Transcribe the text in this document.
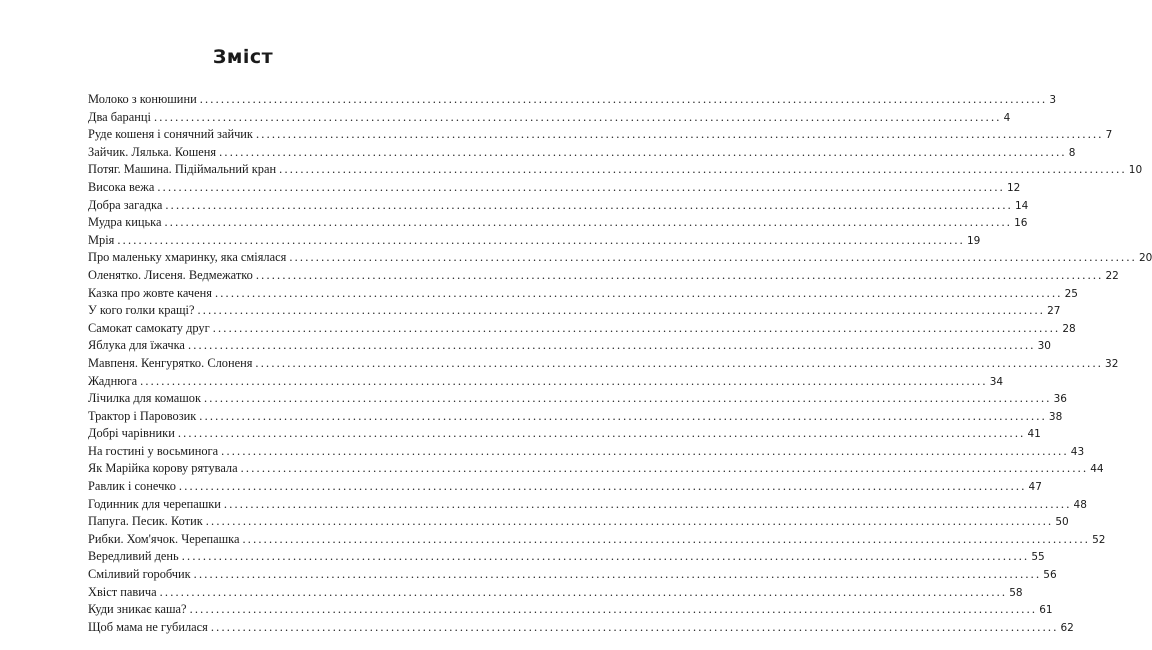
Зміст
Молоко з конюшини ................................................................................................................................................................ 3
Два баранці ................................................................................................................................................................ 4
Руде кошеня і сонячний зайчик ................................................................................................................................................................ 7
Зайчик. Лялька. Кошеня ................................................................................................................................................................ 8
Потяг. Машина. Підіймальний кран ................................................................................................................................................................ 10
Висока вежа ................................................................................................................................................................ 12
Добра загадка ................................................................................................................................................................ 14
Мудра кицька ................................................................................................................................................................ 16
Мрія ................................................................................................................................................................ 19
Про маленьку хмаринку, яка сміялася ................................................................................................................................................................ 20
Оленятко. Лисеня. Ведмежатко ................................................................................................................................................................ 22
Казка про жовте каченя ................................................................................................................................................................ 25
У кого голки кращі? ................................................................................................................................................................ 27
Самокат самокату друг ................................................................................................................................................................ 28
Яблука для їжачка ................................................................................................................................................................ 30
Мавпеня. Кенгурятко. Слоненя ................................................................................................................................................................ 32
Жаднюга ................................................................................................................................................................ 34
Лічилка для комашок ................................................................................................................................................................ 36
Трактор і Паровозик ................................................................................................................................................................ 38
Добрі чарівники ................................................................................................................................................................ 41
На гостині у восьминога ................................................................................................................................................................ 43
Як Марійка корову рятувала ................................................................................................................................................................ 44
Равлик і сонечко ................................................................................................................................................................ 47
Годинник для черепашки ................................................................................................................................................................ 48
Папуга. Песик. Котик ................................................................................................................................................................ 50
Рибки. Хом'ячок. Черепашка ................................................................................................................................................................ 52
Вередливий день ................................................................................................................................................................ 55
Сміливий горобчик ................................................................................................................................................................ 56
Хвіст павича ................................................................................................................................................................ 58
Куди зникає каша? ................................................................................................................................................................ 61
Щоб мама не губилася ................................................................................................................................................................ 62
